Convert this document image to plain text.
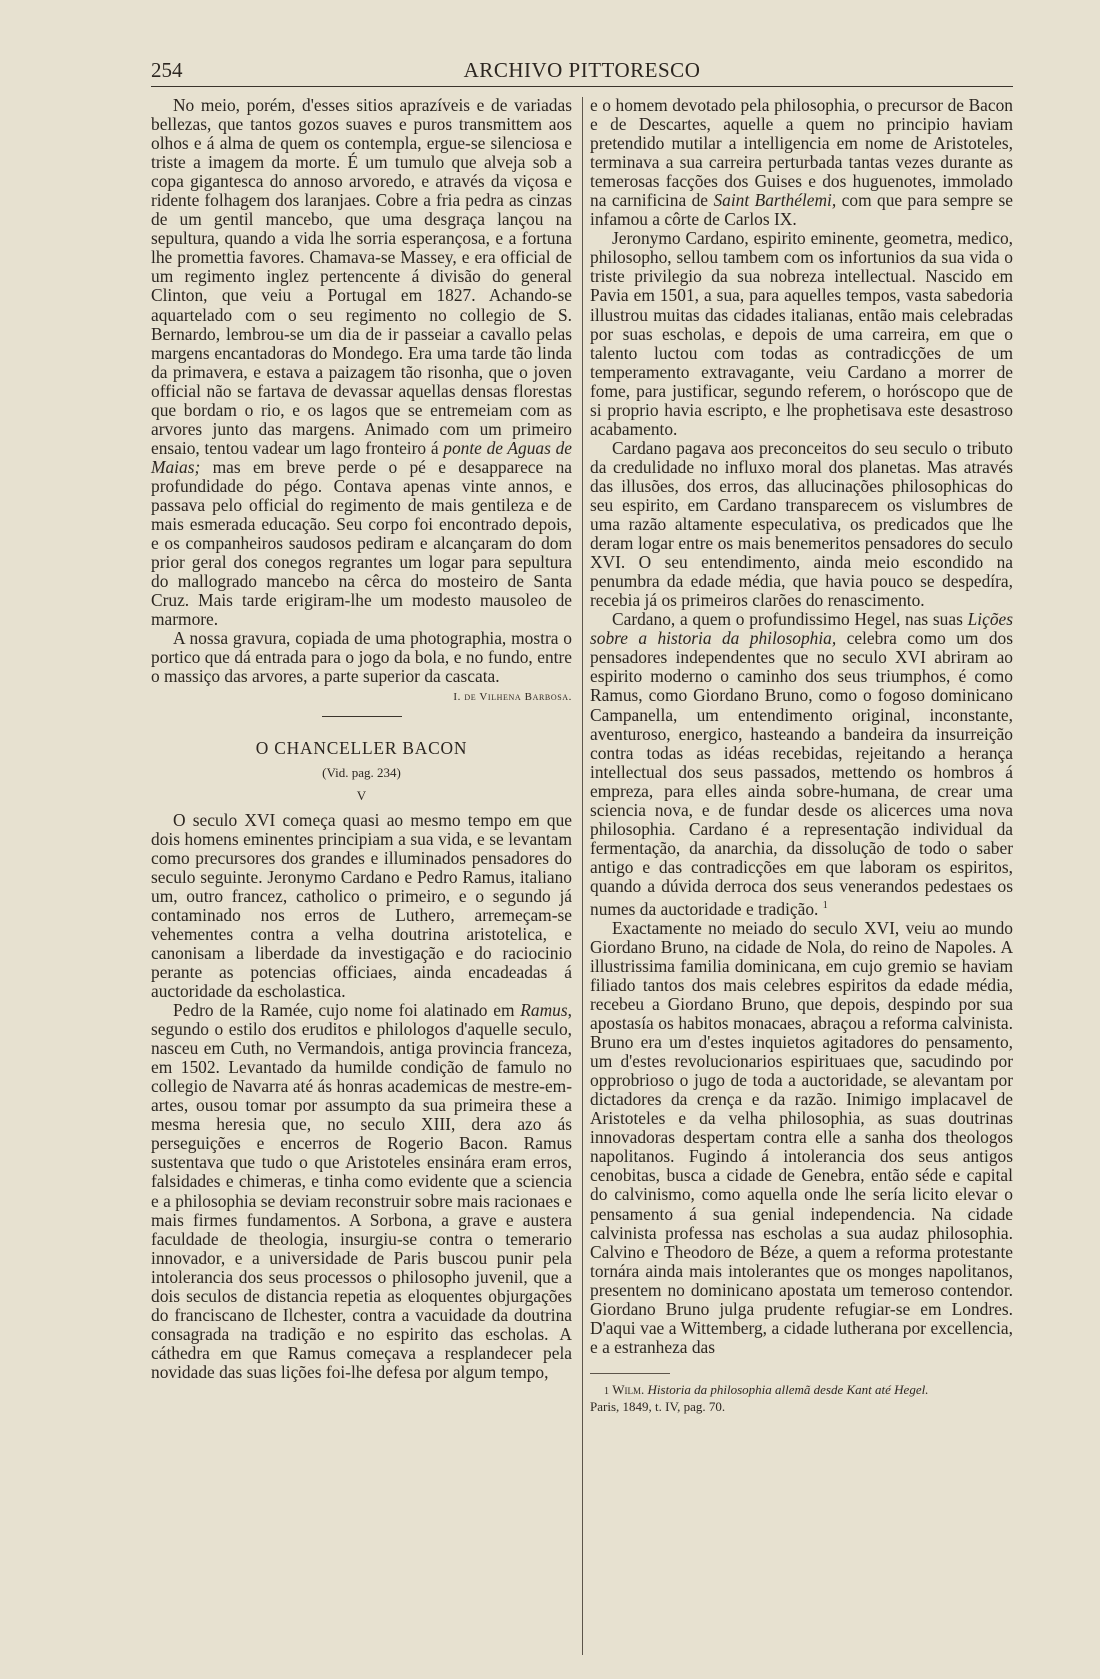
254	ARCHIVO PITTORESCO

No meio, porém, d'esses sitios aprazíveis e de variadas bellezas, que tantos gozos suaves e puros transmittem aos olhos e á alma de quem os contempla, ergue-se silenciosa e triste a imagem da morte. É um tumulo que alveja sob a copa gigantesca do annoso arvoredo, e através da viçosa e ridente folhagem dos laranjaes. Cobre a fria pedra as cinzas de um gentil mancebo, que uma desgraça lançou na sepultura, quando a vida lhe sorria esperançosa, e a fortuna lhe promettia favores. Chamava-se Massey, e era official de um regimento inglez pertencente á divisão do general Clinton, que veiu a Portugal em 1827. Achando-se aquartelado com o seu regimento no collegio de S. Bernardo, lembrou-se um dia de ir passeiar a cavallo pelas margens encantadoras do Mondego. Era uma tarde tão linda da primavera, e estava a paizagem tão risonha, que o joven official não se fartava de devassar aquellas densas florestas que bordam o rio, e os lagos que se entremeiam com as arvores junto das margens. Animado com um primeiro ensaio, tentou vadear um lago fronteiro á ponte de Aguas de Maias; mas em breve perde o pé e desapparece na profundidade do pégo. Contava apenas vinte annos, e passava pelo official do regimento de mais gentileza e de mais esmerada educação. Seu corpo foi encontrado depois, e os companheiros saudosos pediram e alcançaram do dom prior geral dos conegos regrantes um logar para sepultura do mallogrado mancebo na cêrca do mosteiro de Santa Cruz. Mais tarde erigiram-lhe um modesto mausoleo de marmore.

A nossa gravura, copiada de uma photographia, mostra o portico que dá entrada para o jogo da bola, e no fundo, entre o massiço das arvores, a parte superior da cascata.
I. de Vilhena Barbosa.

O CHANCELLER BACON
(Vid. pag. 234)
V

O seculo XVI começa quasi ao mesmo tempo em que dois homens eminentes principiam a sua vida, e se levantam como precursores dos grandes e illuminados pensadores do seculo seguinte. Jeronymo Cardano e Pedro Ramus, italiano um, outro francez, catholico o primeiro, e o segundo já contaminado nos erros de Luthero, arremeçam-se vehementes contra a velha doutrina aristotelica, e canonisam a liberdade da investigação e do raciocinio perante as potencias officiaes, ainda encadeadas á auctoridade da escholastica.

Pedro de la Ramée, cujo nome foi alatinado em Ramus, segundo o estilo dos eruditos e philologos d'aquelle seculo, nasceu em Cuth, no Vermandois, antiga provincia franceza, em 1502. Levantado da humilde condição de famulo no collegio de Navarra até ás honras academicas de mestre-em-artes, ousou tomar por assumpto da sua primeira these a mesma heresia que, no seculo XIII, dera azo ás perseguições e encerros de Rogerio Bacon. Ramus sustentava que tudo o que Aristoteles ensinára eram erros, falsidades e chimeras, e tinha como evidente que a sciencia e a philosophia se deviam reconstruir sobre mais racionaes e mais firmes fundamentos. A Sorbona, a grave e austera faculdade de theologia, insurgiu-se contra o temerario innovador, e a universidade de Paris buscou punir pela intolerancia dos seus processos o philosopho juvenil, que a dois seculos de distancia repetia as eloquentes objurgações do franciscano de Ilchester, contra a vacuidade da doutrina consagrada na tradição e no espirito das escholas. A cáthedra em que Ramus começava a resplandecer pela novidade das suas lições foi-lhe defesa por algum tempo,

e o homem devotado pela philosophia, o precursor de Bacon e de Descartes, aquelle a quem no principio haviam pretendido mutilar a intelligencia em nome de Aristoteles, terminava a sua carreira perturbada tantas vezes durante as temerosas facções dos Guises e dos huguenotes, immolado na carnificina de Saint Barthélemi, com que para sempre se infamou a côrte de Carlos IX.

Jeronymo Cardano, espirito eminente, geometra, medico, philosopho, sellou tambem com os infortunios da sua vida o triste privilegio da sua nobreza intellectual. Nascido em Pavia em 1501, a sua, para aquelles tempos, vasta sabedoria illustrou muitas das cidades italianas, então mais celebradas por suas escholas, e depois de uma carreira, em que o talento luctou com todas as contradicções de um temperamento extravagante, veiu Cardano a morrer de fome, para justificar, segundo referem, o horóscopo que de si proprio havia escripto, e lhe prophetisava este desastroso acabamento.

Cardano pagava aos preconceitos do seu seculo o tributo da credulidade no influxo moral dos planetas. Mas através das illusões, dos erros, das allucinações philosophicas do seu espirito, em Cardano transparecem os vislumbres de uma razão altamente especulativa, os predicados que lhe deram logar entre os mais benemeritos pensadores do seculo XVI. O seu entendimento, ainda meio escondido na penumbra da edade média, que havia pouco se despedíra, recebia já os primeiros clarões do renascimento.

Cardano, a quem o profundissimo Hegel, nas suas Lições sobre a historia da philosophia, celebra como um dos pensadores independentes que no seculo XVI abriram ao espirito moderno o caminho dos seus triumphos, é como Ramus, como Giordano Bruno, como o fogoso dominicano Campanella, um entendimento original, inconstante, aventuroso, energico, hasteando a bandeira da insurreição contra todas as idéas recebidas, rejeitando a herança intellectual dos seus passados, mettendo os hombros á empreza, para elles ainda sobre-humana, de crear uma sciencia nova, e de fundar desde os alicerces uma nova philosophia. Cardano é a representação individual da fermentação, da anarchia, da dissolução de todo o saber antigo e das contradicções em que laboram os espiritos, quando a dúvida derroca dos seus venerandos pedestaes os numes da auctoridade e tradição. $^1$

Exactamente no meiado do seculo XVI, veiu ao mundo Giordano Bruno, na cidade de Nola, do reino de Napoles. A illustrissima familia dominicana, em cujo gremio se haviam filiado tantos dos mais celebres espiritos da edade média, recebeu a Giordano Bruno, que depois, despindo por sua apostasía os habitos monacaes, abraçou a reforma calvinista. Bruno era um d'estes inquietos agitadores do pensamento, um d'estes revolucionarios espirituaes que, sacudindo por opprobrioso o jugo de toda a auctoridade, se alevantam por dictadores da crença e da razão. Inimigo implacavel de Aristoteles e da velha philosophia, as suas doutrinas innovadoras despertam contra elle a sanha dos theologos napolitanos. Fugindo á intolerancia dos seus antigos cenobitas, busca a cidade de Genebra, então séde e capital do calvinismo, como aquella onde lhe sería licito elevar o pensamento á sua genial independencia. Na cidade calvinista professa nas escholas a sua audaz philosophia. Calvino e Theodoro de Béze, a quem a reforma protestante tornára ainda mais intolerantes que os monges napolitanos, presentem no dominicano apostata um temeroso contendor. Giordano Bruno julga prudente refugiar-se em Londres. D'aqui vae a Wittemberg, a cidade lutherana por excellencia, e a estranheza das

1 Wilm. Historia da philosophia allemã desde Kant até Hegel.
Paris, 1849, t. IV, pag. 70.
